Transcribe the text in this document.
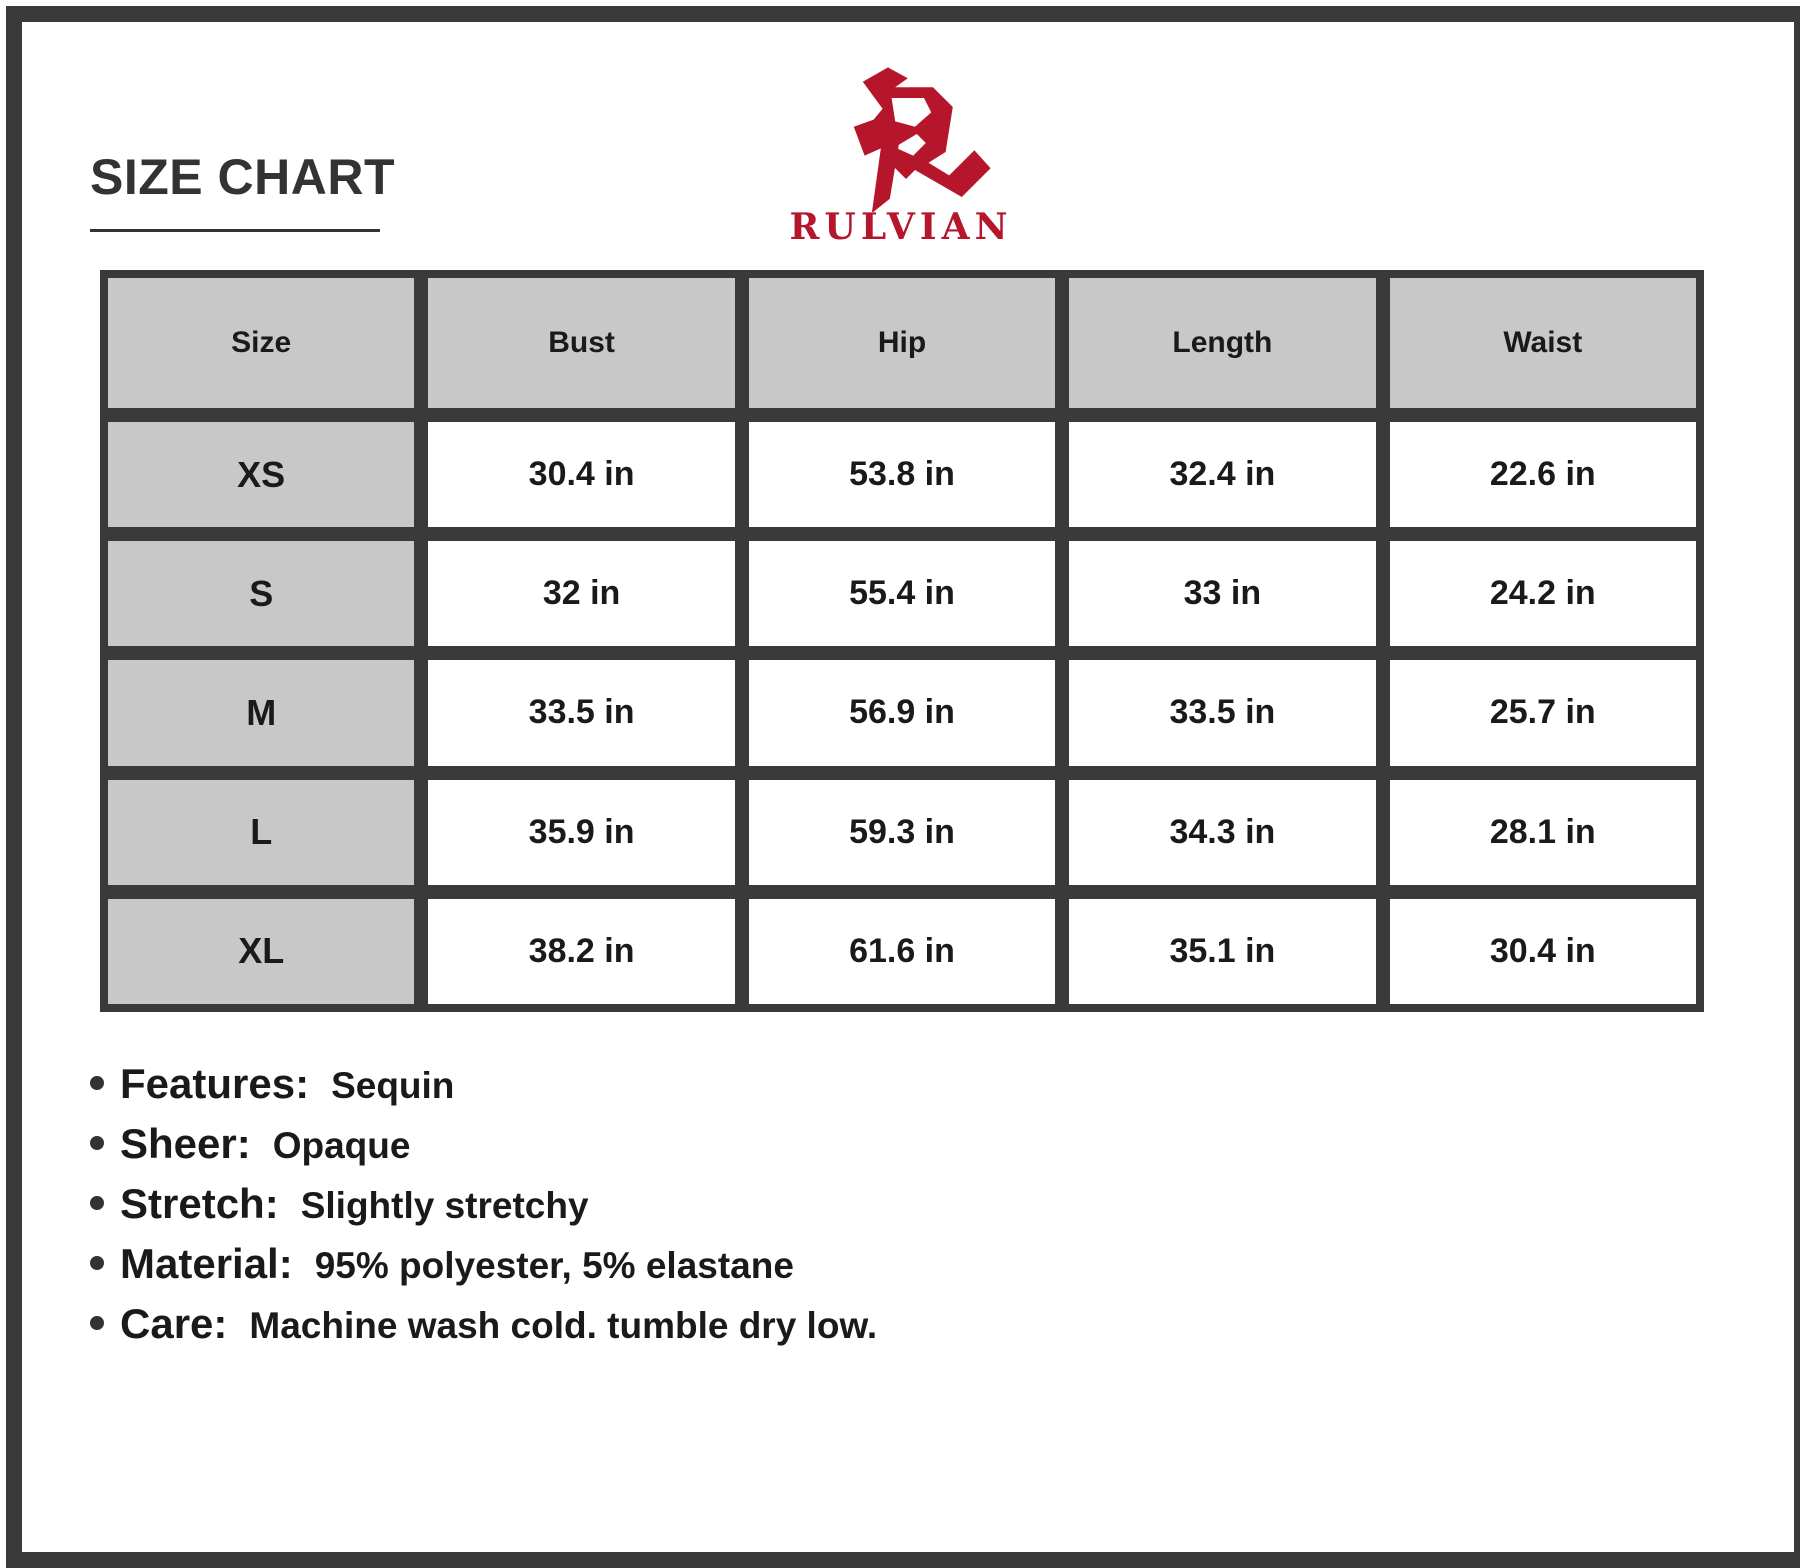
SIZE CHART
RULVIAN
Size	Bust	Hip	Length	Waist
XS	30.4 in	53.8 in	32.4 in	22.6 in
S	32 in	55.4 in	33 in	24.2 in
M	33.5 in	56.9 in	33.5 in	25.7 in
L	35.9 in	59.3 in	34.3 in	28.1 in
XL	38.2 in	61.6 in	35.1 in	30.4 in
Features: Sequin
Sheer: Opaque
Stretch: Slightly stretchy
Material: 95% polyester, 5% elastane
Care: Machine wash cold. tumble dry low.
